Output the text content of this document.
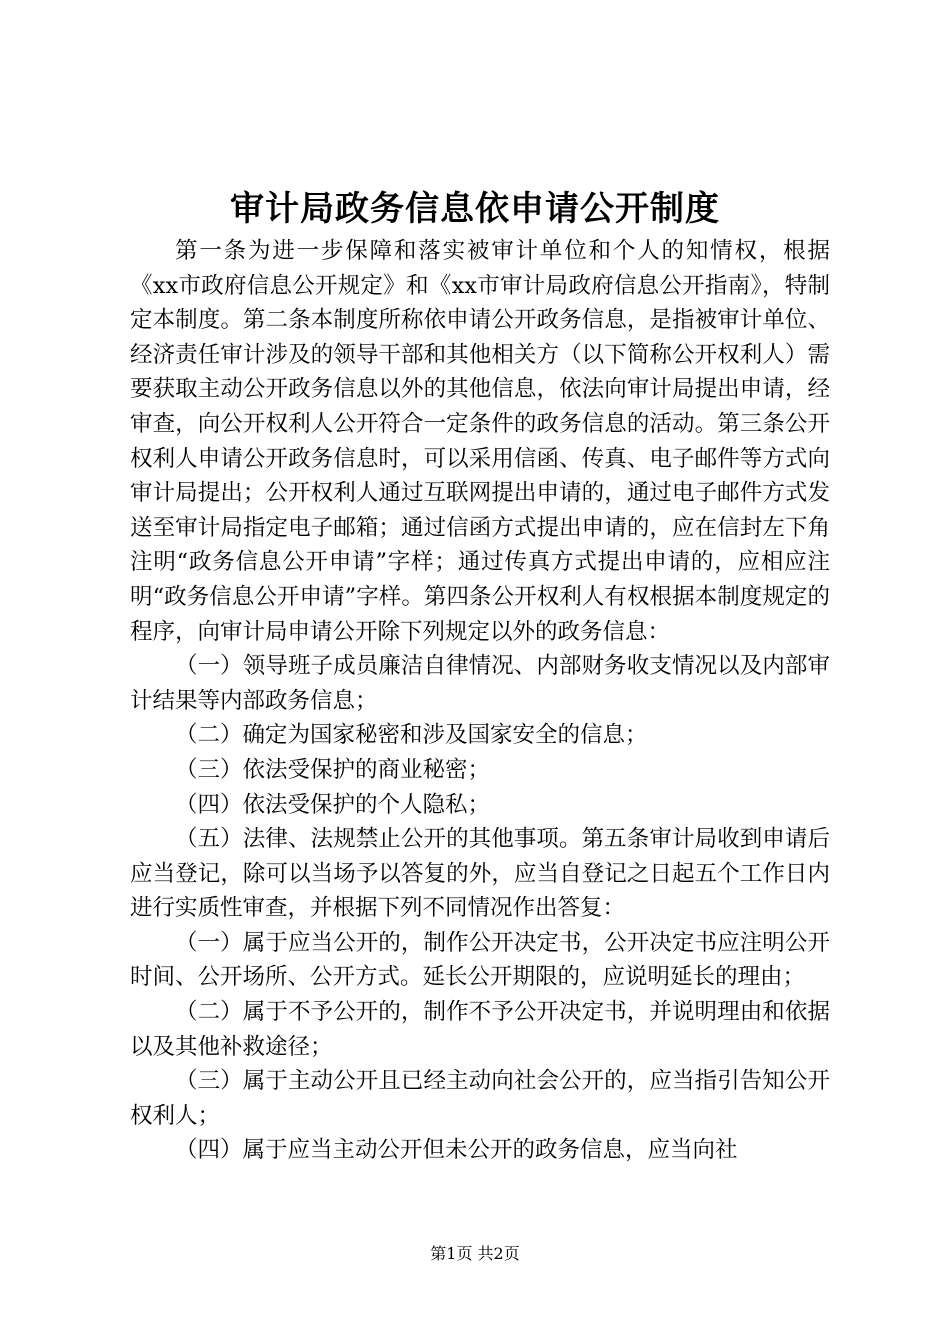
审计局政务信息依申请公开制度

第一条为进一步保障和落实被审计单位和个人的知情权，根据《xx市政府信息公开规定》和《xx市审计局政府信息公开指南》，特制定本制度。第二条本制度所称依申请公开政务信息，是指被审计单位、经济责任审计涉及的领导干部和其他相关方（以下简称公开权利人）需要获取主动公开政务信息以外的其他信息，依法向审计局提出申请，经审查，向公开权利人公开符合一定条件的政务信息的活动。第三条公开权利人申请公开政务信息时，可以采用信函、传真、电子邮件等方式向审计局提出；公开权利人通过互联网提出申请的，通过电子邮件方式发送至审计局指定电子邮箱；通过信函方式提出申请的，应在信封左下角注明“政务信息公开申请”字样；通过传真方式提出申请的，应相应注明“政务信息公开申请”字样。第四条公开权利人有权根据本制度规定的程序，向审计局申请公开除下列规定以外的政务信息：

（一）领导班子成员廉洁自律情况、内部财务收支情况以及内部审计结果等内部政务信息；

（二）确定为国家秘密和涉及国家安全的信息；

（三）依法受保护的商业秘密；

（四）依法受保护的个人隐私；

（五）法律、法规禁止公开的其他事项。第五条审计局收到申请后应当登记，除可以当场予以答复的外，应当自登记之日起五个工作日内进行实质性审查，并根据下列不同情况作出答复：

（一）属于应当公开的，制作公开决定书，公开决定书应注明公开时间、公开场所、公开方式。延长公开期限的，应说明延长的理由；

（二）属于不予公开的，制作不予公开决定书，并说明理由和依据以及其他补救途径；

（三）属于主动公开且已经主动向社会公开的，应当指引告知公开权利人；

（四）属于应当主动公开但未公开的政务信息，应当向社

第1页 共2页
